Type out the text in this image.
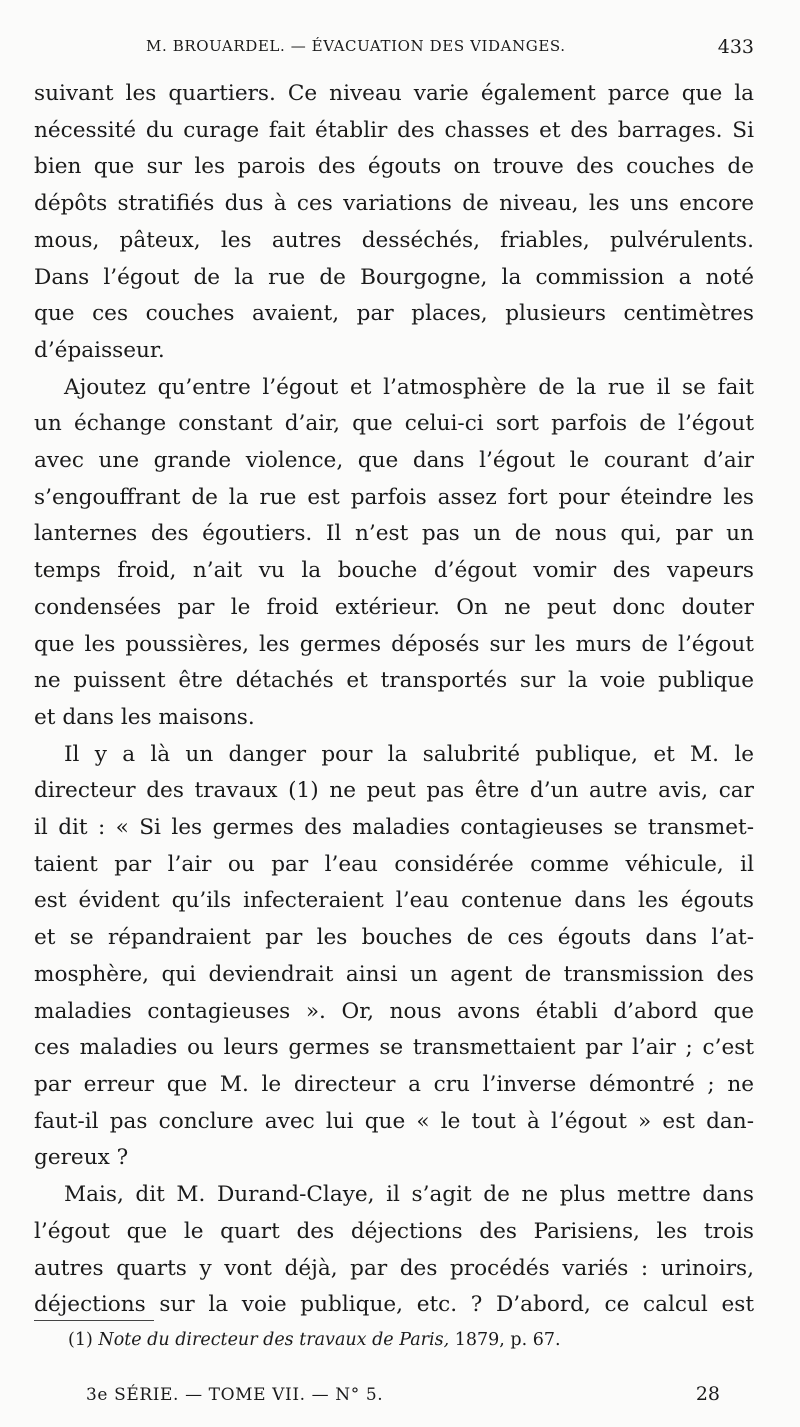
M. BROUARDEL. — ÉVACUATION DES VIDANGES.	433
suivant les quartiers. Ce niveau varie également parce que la
nécessité du curage fait établir des chasses et des barrages. Si
bien que sur les parois des égouts on trouve des couches de
dépôts stratifiés dus à ces variations de niveau, les uns encore
mous, pâteux, les autres desséchés, friables, pulvérulents.
Dans l’égout de la rue de Bourgogne, la commission a noté
que ces couches avaient, par places, plusieurs centimètres
d’épaisseur.
Ajoutez qu’entre l’égout et l’atmosphère de la rue il se fait
un échange constant d’air, que celui-ci sort parfois de l’égout
avec une grande violence, que dans l’égout le courant d’air
s’engouffrant de la rue est parfois assez fort pour éteindre les
lanternes des égoutiers. Il n’est pas un de nous qui, par un
temps froid, n’ait vu la bouche d’égout vomir des vapeurs
condensées par le froid extérieur. On ne peut donc douter
que les poussières, les germes déposés sur les murs de l’égout
ne puissent être détachés et transportés sur la voie publique
et dans les maisons.
Il y a là un danger pour la salubrité publique, et M. le
directeur des travaux (1) ne peut pas être d’un autre avis, car
il dit : « Si les germes des maladies contagieuses se transmet-
taient par l’air ou par l’eau considérée comme véhicule, il
est évident qu’ils infecteraient l’eau contenue dans les égouts
et se répandraient par les bouches de ces égouts dans l’at-
mosphère, qui deviendrait ainsi un agent de transmission des
maladies contagieuses ». Or, nous avons établi d’abord que
ces maladies ou leurs germes se transmettaient par l’air ; c’est
par erreur que M. le directeur a cru l’inverse démontré ; ne
faut-il pas conclure avec lui que « le tout à l’égout » est dan-
gereux ?
Mais, dit M. Durand-Claye, il s’agit de ne plus mettre dans
l’égout que le quart des déjections des Parisiens, les trois
autres quarts y vont déjà, par des procédés variés : urinoirs,
déjections sur la voie publique, etc. ? D’abord, ce calcul est
(1) Note du directeur des travaux de Paris, 1879, p. 67.
3e SÉRIE. — TOME VII. — N° 5.	28
